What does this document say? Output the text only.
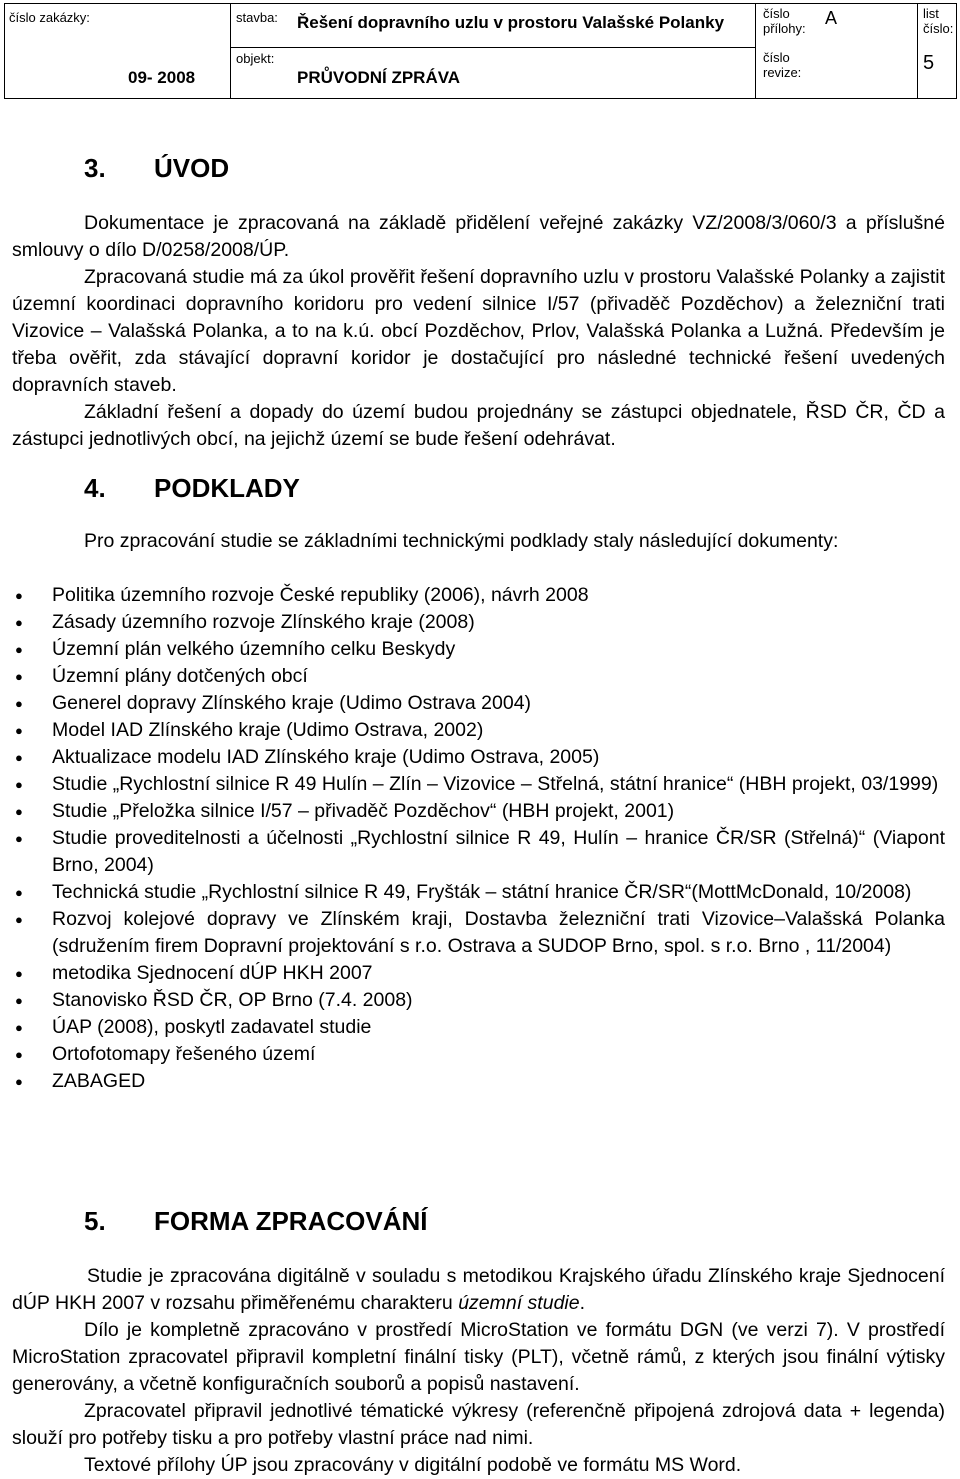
číslo zakázky:
09- 2008
stavba: Řešení dopravního uzlu v prostoru Valašské Polanky
objekt:
PRŮVODNÍ ZPRÁVA
číslo
přílohy:
A
číslo
revize:
list
číslo:
5
3. ÚVOD
Dokumentace je zpracovaná na základě přidělení veřejné zakázky VZ/2008/3/060/3 a příslušné smlouvy o dílo D/0258/2008/ÚP.
Zpracovaná studie má za úkol prověřit řešení dopravního uzlu v prostoru Valašské Polanky a zajistit územní koordinaci dopravního koridoru pro vedení silnice I/57 (přivaděč Pozděchov) a železniční trati Vizovice – Valašská Polanka, a to na k.ú. obcí Pozděchov, Prlov, Valašská Polanka a Lužná. Především je třeba ověřit, zda stávající dopravní koridor je dostačující pro následné technické řešení uvedených dopravních staveb.
Základní řešení a dopady do území budou projednány se zástupci objednatele, ŘSD ČR, ČD a zástupci jednotlivých obcí, na jejichž území se bude řešení odehrávat.
4. PODKLADY
Pro zpracování studie se základními technickými podklady staly následující dokumenty:
● Politika územního rozvoje České republiky (2006), návrh 2008
● Zásady územního rozvoje Zlínského kraje (2008)
● Územní plán velkého územního celku Beskydy
● Územní plány dotčených obcí
● Generel dopravy Zlínského kraje (Udimo Ostrava 2004)
● Model IAD Zlínského kraje (Udimo Ostrava, 2002)
● Aktualizace modelu IAD Zlínského kraje (Udimo Ostrava, 2005)
● Studie „Rychlostní silnice R 49 Hulín – Zlín – Vizovice – Střelná, státní hranice“ (HBH projekt, 03/1999)
● Studie „Přeložka silnice I/57 – přivaděč Pozděchov“ (HBH projekt, 2001)
● Studie proveditelnosti a účelnosti „Rychlostní silnice R 49, Hulín – hranice ČR/SR (Střelná)“ (Viapont Brno, 2004)
● Technická studie „Rychlostní silnice R 49, Fryšták – státní hranice ČR/SR“(MottMcDonald, 10/2008)
● Rozvoj kolejové dopravy ve Zlínském kraji, Dostavba železniční trati Vizovice–Valašská Polanka (sdružením firem Dopravní projektování s r.o. Ostrava a SUDOP Brno, spol. s r.o. Brno , 11/2004)
● metodika Sjednocení dÚP HKH 2007
● Stanovisko ŘSD ČR, OP Brno (7.4. 2008)
● ÚAP (2008), poskytl zadavatel studie
● Ortofotomapy řešeného území
● ZABAGED
5. FORMA ZPRACOVÁNÍ
Studie je zpracována digitálně v souladu s metodikou Krajského úřadu Zlínského kraje Sjednocení dÚP HKH 2007 v rozsahu přiměřenému charakteru územní studie.
Dílo je kompletně zpracováno v prostředí MicroStation ve formátu DGN (ve verzi 7). V prostředí MicroStation zpracovatel připravil kompletní finální tisky (PLT), včetně rámů, z kterých jsou finální výtisky generovány, a včetně konfiguračních souborů a popisů nastavení.
Zpracovatel připravil jednotlivé tématické výkresy (referenčně připojená zdrojová data + legenda) slouží pro potřeby tisku a pro potřeby vlastní práce nad nimi.
Textové přílohy ÚP jsou zpracovány v digitální podobě ve formátu MS Word.
